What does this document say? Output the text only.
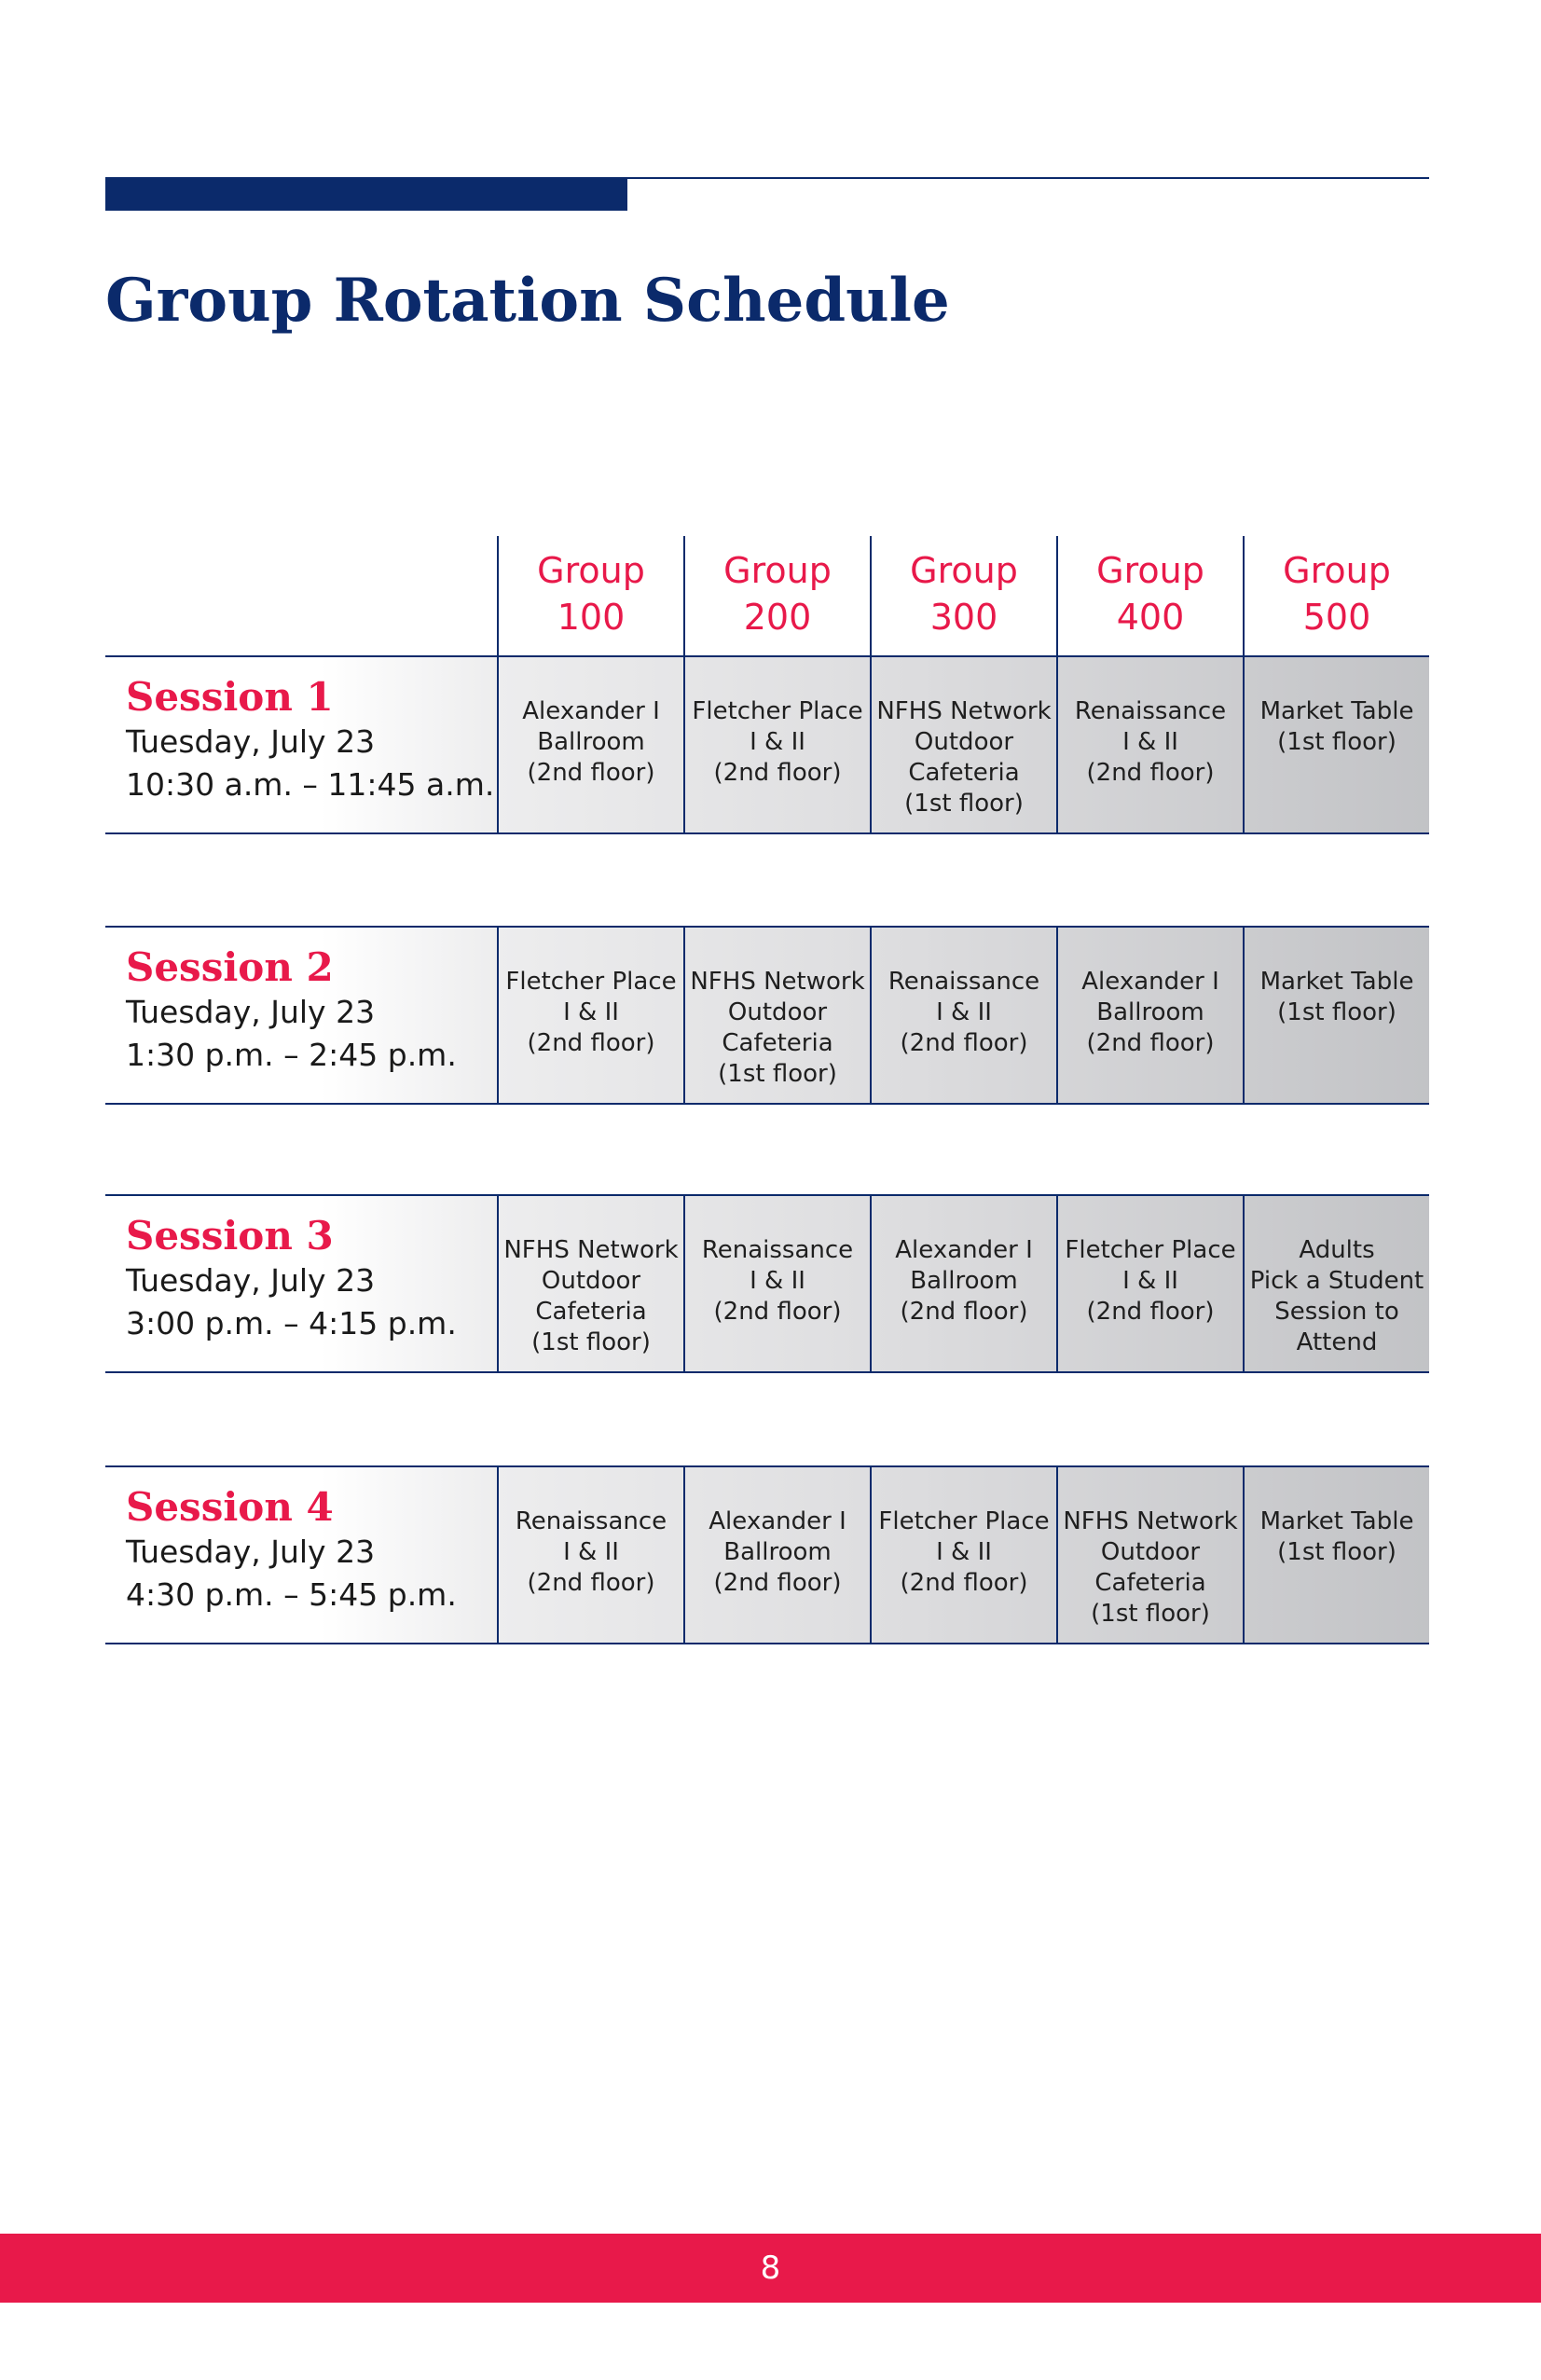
Group Rotation Schedule
Group
100
Group
200
Group
300
Group
400
Group
500
Session 1
Tuesday, July 23
10:30 a.m. – 11:45 a.m.
Alexander I
Ballroom
(2nd floor)
Fletcher Place
I & II
(2nd floor)
NFHS Network
Outdoor
Cafeteria
(1st floor)
Renaissance
I & II
(2nd floor)
Market Table
(1st floor)
Session 2
Tuesday, July 23
1:30 p.m. – 2:45 p.m.
Fletcher Place
I & II
(2nd floor)
NFHS Network
Outdoor
Cafeteria
(1st floor)
Renaissance
I & II
(2nd floor)
Alexander I
Ballroom
(2nd floor)
Market Table
(1st floor)
Session 3
Tuesday, July 23
3:00 p.m. – 4:15 p.m.
NFHS Network
Outdoor
Cafeteria
(1st floor)
Renaissance
I & II
(2nd floor)
Alexander I
Ballroom
(2nd floor)
Fletcher Place
I & II
(2nd floor)
Adults
Pick a Student
Session to
Attend
Session 4
Tuesday, July 23
4:30 p.m. – 5:45 p.m.
Renaissance
I & II
(2nd floor)
Alexander I
Ballroom
(2nd floor)
Fletcher Place
I & II
(2nd floor)
NFHS Network
Outdoor
Cafeteria
(1st floor)
Market Table
(1st floor)
8
